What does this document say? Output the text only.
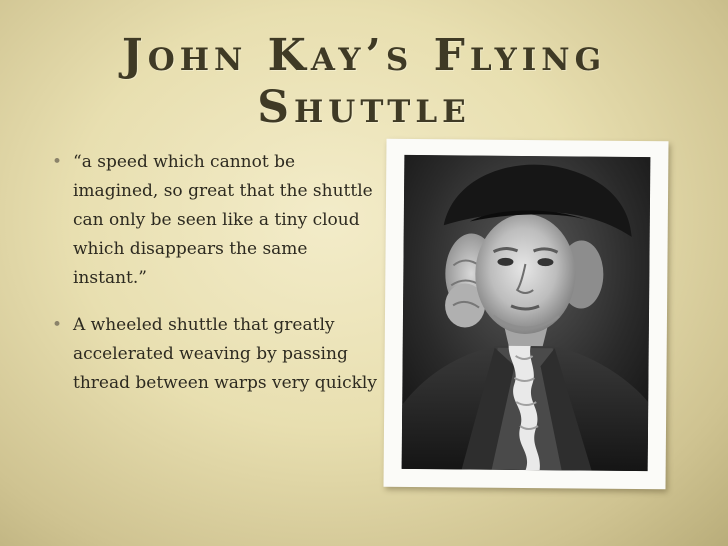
John Kay’s Flying
Shuttle
• “a speed which cannot be imagined, so great that the shuttle can only be seen like a tiny cloud which disappears the same instant.”
• A wheeled shuttle that greatly accelerated weaving by passing thread between warps very quickly
